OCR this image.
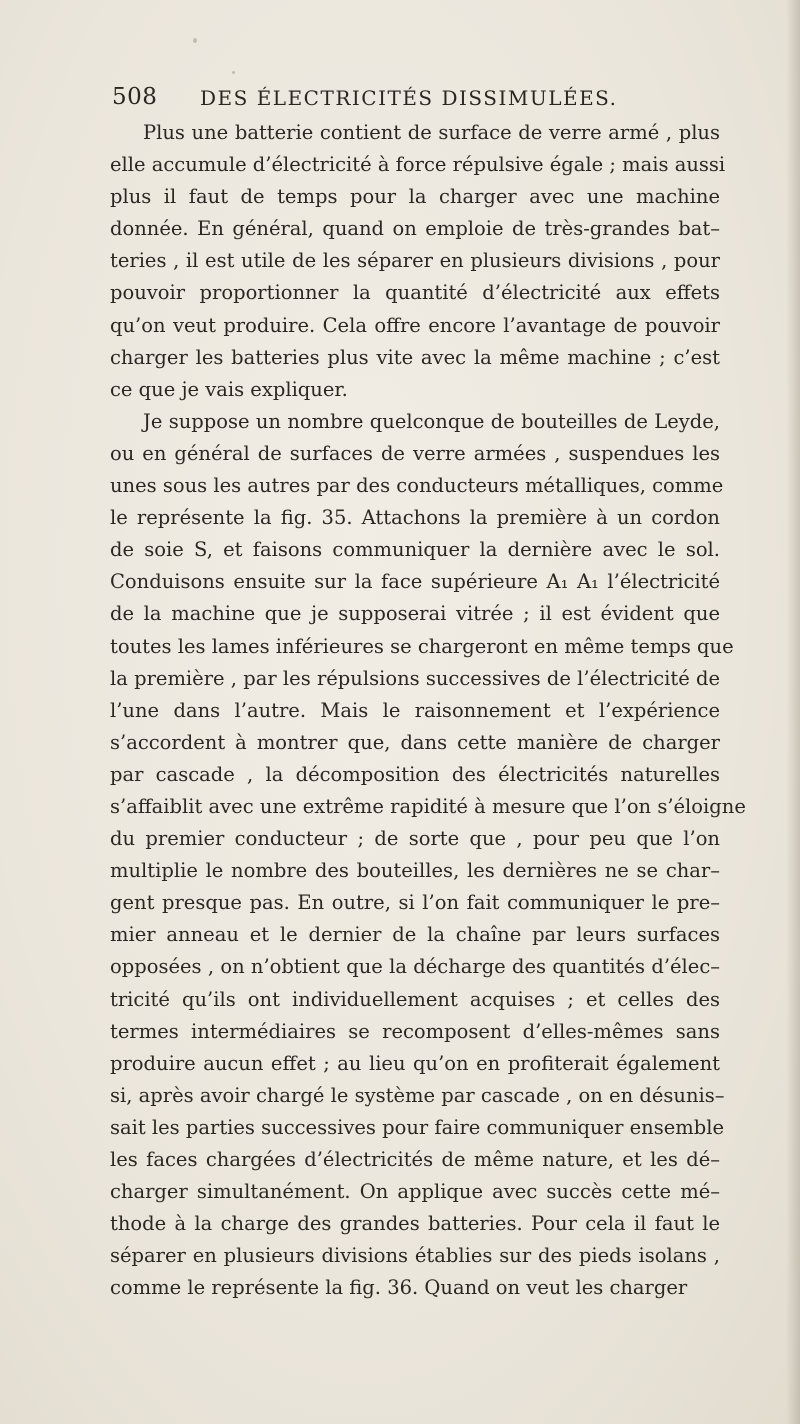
508 DES ÉLECTRICITÉS DISSIMULÉES.
Plus une batterie contient de surface de verre armé , plus
elle accumule d’électricité à force répulsive égale ; mais aussi
plus il faut de temps pour la charger avec une machine
donnée. En général, quand on emploie de très-grandes bat–
teries , il est utile de les séparer en plusieurs divisions , pour
pouvoir proportionner la quantité d’électricité aux effets
qu’on veut produire. Cela offre encore l’avantage de pouvoir
charger les batteries plus vite avec la même machine ; c’est
ce que je vais expliquer.
Je suppose un nombre quelconque de bouteilles de Leyde,
ou en général de surfaces de verre armées , suspendues les
unes sous les autres par des conducteurs métalliques, comme
le représente la fig. 35. Attachons la première à un cordon
de soie S, et faisons communiquer la dernière avec le sol.
Conduisons ensuite sur la face supérieure A₁ A₁ l’électricité
de la machine que je supposerai vitrée ; il est évident que
toutes les lames inférieures se chargeront en même temps que
la première , par les répulsions successives de l’électricité de
l’une dans l’autre. Mais le raisonnement et l’expérience
s’accordent à montrer que, dans cette manière de charger
par cascade , la décomposition des électricités naturelles
s’affaiblit avec une extrême rapidité à mesure que l’on s’éloigne
du premier conducteur ; de sorte que , pour peu que l’on
multiplie le nombre des bouteilles, les dernières ne se char–
gent presque pas. En outre, si l’on fait communiquer le pre–
mier anneau et le dernier de la chaîne par leurs surfaces
opposées , on n’obtient que la décharge des quantités d’élec–
tricité qu’ils ont individuellement acquises ; et celles des
termes intermédiaires se recomposent d’elles-mêmes sans
produire aucun effet ; au lieu qu’on en profiterait également
si, après avoir chargé le système par cascade , on en désunis–
sait les parties successives pour faire communiquer ensemble
les faces chargées d’électricités de même nature, et les dé–
charger simultanément. On applique avec succès cette mé–
thode à la charge des grandes batteries. Pour cela il faut le
séparer en plusieurs divisions établies sur des pieds isolans ,
comme le représente la fig. 36. Quand on veut les charger
